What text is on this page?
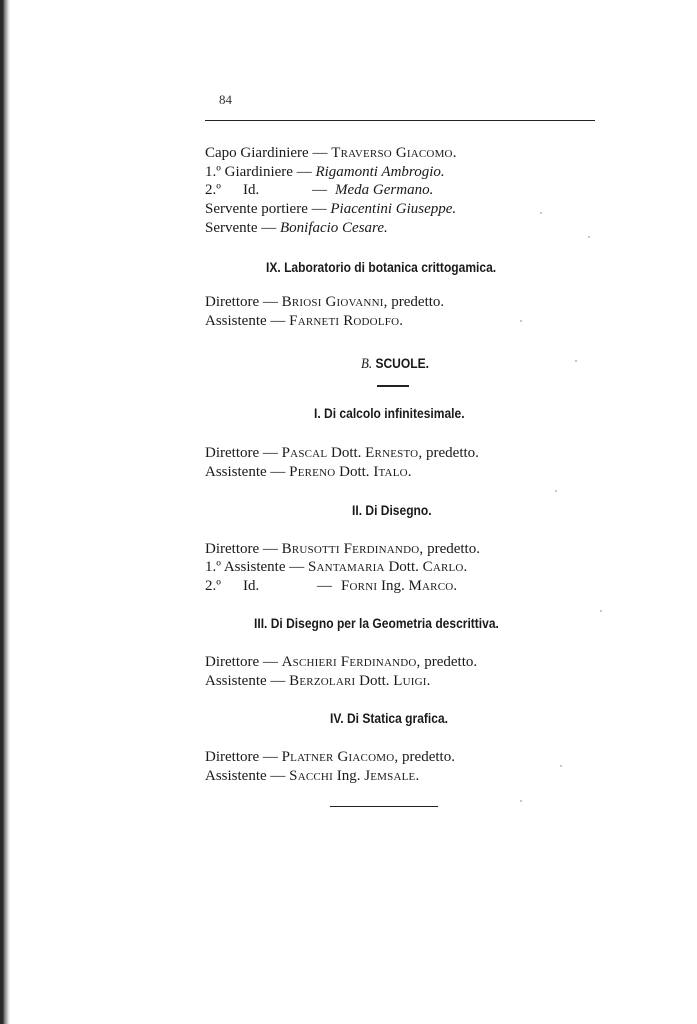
84
Capo Giardiniere — Traverso Giacomo.
1.º Giardiniere — Rigamonti Ambrogio.
2.º Id.	— Meda Germano.
Servente portiere — Piacentini Giuseppe.
Servente — Bonifacio Cesare.
IX. Laboratorio di botanica crittogamica.
Direttore — Briosi Giovanni, predetto.
Assistente — Farneti Rodolfo.
B. SCUOLE.
I. Di calcolo infinitesimale.
Direttore — Pascal Dott. Ernesto, predetto.
Assistente — Pereno Dott. Italo.
II. Di Disegno.
Direttore — Brusotti Ferdinando, predetto.
1.º Assistente — Santamaria Dott. Carlo.
2.º Id.	— Forni Ing. Marco.
III. Di Disegno per la Geometria descrittiva.
Direttore — Aschieri Ferdinando, predetto.
Assistente — Berzolari Dott. Luigi.
IV. Di Statica grafica.
Direttore — Platner Giacomo, predetto.
Assistente — Sacchi Ing. Jemsale.
